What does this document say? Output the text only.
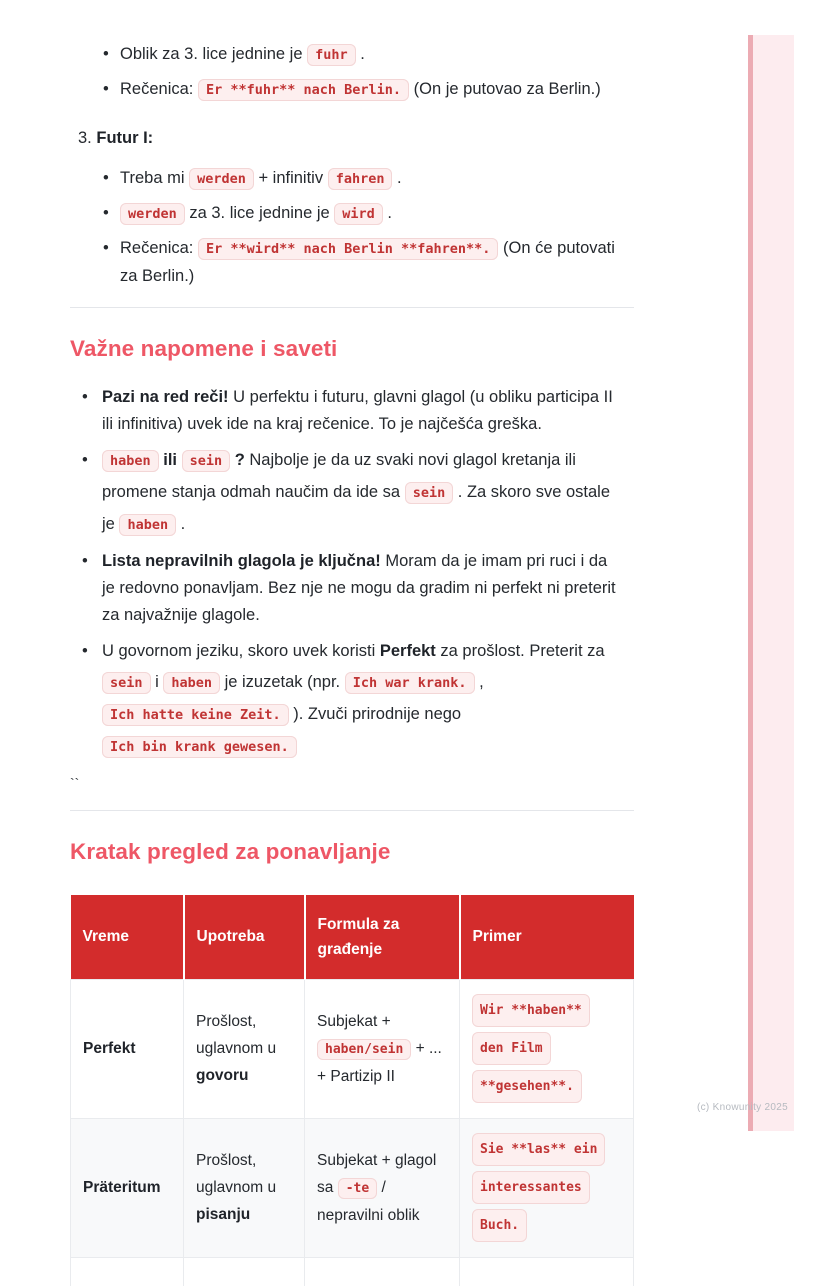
• Oblik za 3. lice jednine je fuhr .
• Rečenica: Er **fuhr** nach Berlin. (On je putovao za Berlin.)

3. Futur I:

• Treba mi werden + infinitiv fahren .
• werden za 3. lice jednine je wird .
• Rečenica: Er **wird** nach Berlin **fahren**. (On će putovati za Berlin.)
Važne napomene i saveti
• Pazi na red reči! U perfektu i futuru, glavni glagol (u obliku participa II ili infinitiva) uvek ide na kraj rečenice. To je najčešća greška.
• haben ili sein ? Najbolje je da uz svaki novi glagol kretanja ili promene stanja odmah naučim da ide sa sein . Za skoro sve ostale je haben .
• Lista nepravilnih glagola je ključna! Moram da je imam pri ruci i da je redovno ponavljam. Bez nje ne mogu da gradim ni perfekt ni preterit za najvažnije glagole.
• U govornom jeziku, skoro uvek koristi Perfekt za prošlost. Preterit za sein i haben je izuzetak (npr. Ich war krank. , Ich hatte keine Zeit. ). Zvuči prirodnije nego Ich bin krank gewesen.

``

Kratak pregled za ponavljanje
Vreme	Upotreba	Formula za građenje	Primer
Perfekt	Prošlost, uglavnom u govoru	Subjekat + haben/sein + ... + Partizip II	Wir **haben**
den Film
**gesehen**.
Präteritum	Prošlost, uglavnom u pisanju	Subjekat + glagol sa -te / nepravilni oblik	Sie **las** ein
interessantes
Buch.

(c) Knowunity 2025
